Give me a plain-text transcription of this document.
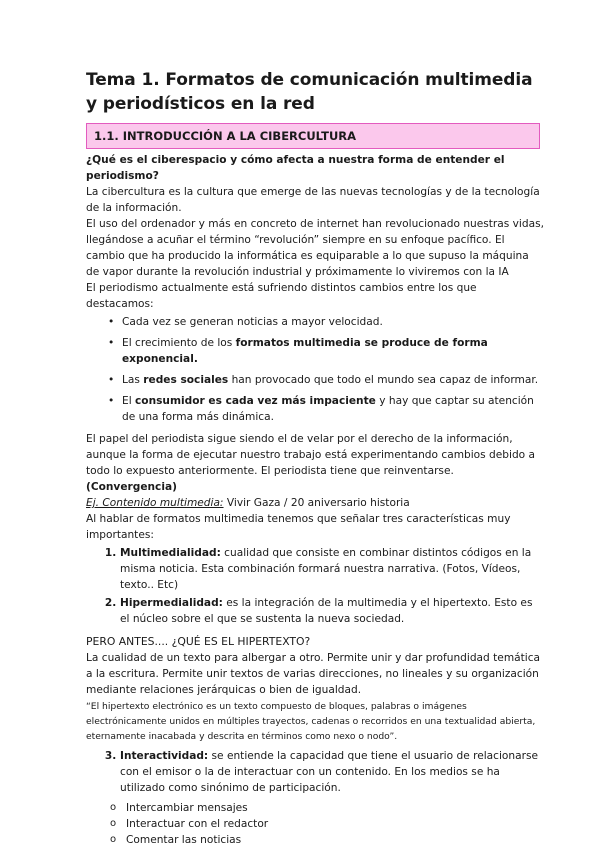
Tema 1. Formatos de comunicación multimedia y periodísticos en la red
1.1. INTRODUCCIÓN A LA CIBERCULTURA

¿Qué es el ciberespacio y cómo afecta a nuestra forma de entender el periodismo?

La cibercultura es la cultura que emerge de las nuevas tecnologías y de la tecnología de la información.

El uso del ordenador y más en concreto de internet han revolucionado nuestras vidas, llegándose a acuñar el término “revolución” siempre en su enfoque pacífico. El cambio que ha producido la informática es equiparable a lo que supuso la máquina de vapor durante la revolución industrial y próximamente lo viviremos con la IA

El periodismo actualmente está sufriendo distintos cambios entre los que destacamos:

• Cada vez se generan noticias a mayor velocidad.
• El crecimiento de los formatos multimedia se produce de forma exponencial.
• Las redes sociales han provocado que todo el mundo sea capaz de informar.
• El consumidor es cada vez más impaciente y hay que captar su atención de una forma más dinámica.

El papel del periodista sigue siendo el de velar por el derecho de la información, aunque la forma de ejecutar nuestro trabajo está experimentando cambios debido a todo lo expuesto anteriormente. El periodista tiene que reinventarse. (Convergencia)

Ej. Contenido multimedia: Vivir Gaza / 20 aniversario historia

Al hablar de formatos multimedia tenemos que señalar tres características muy importantes:

1. Multimedialidad: cualidad que consiste en combinar distintos códigos en la misma noticia. Esta combinación formará nuestra narrativa. (Fotos, Vídeos, texto.. Etc)
2. Hipermedialidad: es la integración de la multimedia y el hipertexto. Esto es el núcleo sobre el que se sustenta la nueva sociedad.

PERO ANTES.... ¿QUÉ ES EL HIPERTEXTO?

La cualidad de un texto para albergar a otro. Permite unir y dar profundidad temática a la escritura. Permite unir textos de varias direcciones, no lineales y su organización mediante relaciones jerárquicas o bien de igualdad.

“El hipertexto electrónico es un texto compuesto de bloques, palabras o imágenes electrónicamente unidos en múltiples trayectos, cadenas o recorridos en una textualidad abierta, eternamente inacabada y descrita en términos como nexo o nodo”.

3. Interactividad: se entiende la capacidad que tiene el usuario de relacionarse con el emisor o la de interactuar con un contenido. En los medios se ha utilizado como sinónimo de participación.
o Intercambiar mensajes
o Interactuar con el redactor
o Comentar las noticias
